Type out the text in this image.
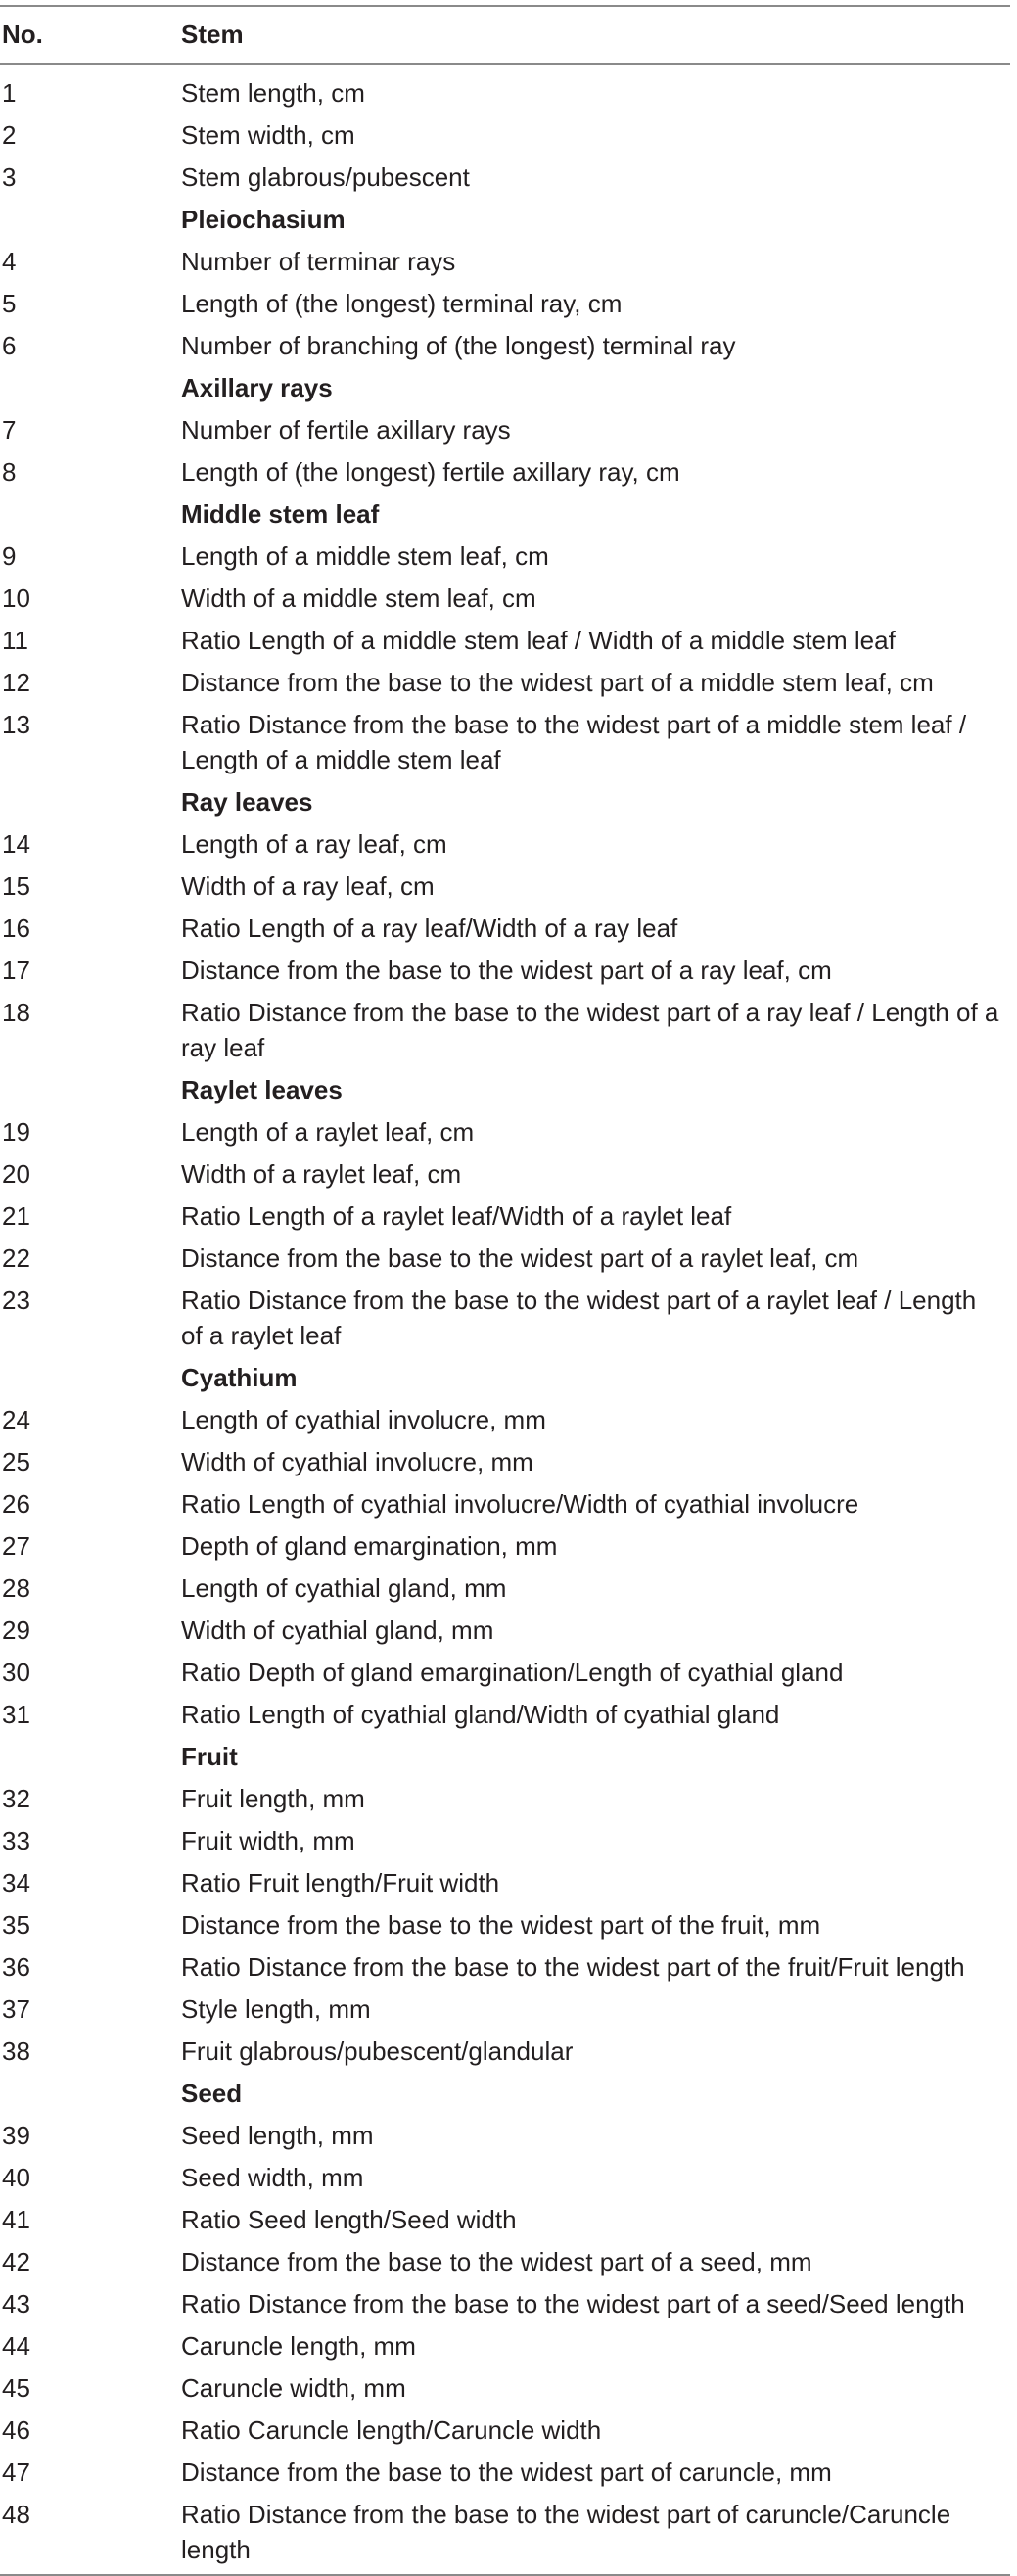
No.	Stem
1	Stem length, cm
2	Stem width, cm
3	Stem glabrous/pubescent
	Pleiochasium
4	Number of terminar rays
5	Length of (the longest) terminal ray, cm
6	Number of branching of (the longest) terminal ray
	Axillary rays
7	Number of fertile axillary rays
8	Length of (the longest) fertile axillary ray, cm
	Middle stem leaf
9	Length of a middle stem leaf, cm
10	Width of a middle stem leaf, cm
11	Ratio Length of a middle stem leaf / Width of a middle stem leaf
12	Distance from the base to the widest part of a middle stem leaf, cm
13	Ratio Distance from the base to the widest part of a middle stem leaf / Length of a middle stem leaf
	Ray leaves
14	Length of a ray leaf, cm
15	Width of a ray leaf, cm
16	Ratio Length of a ray leaf/Width of a ray leaf
17	Distance from the base to the widest part of a ray leaf, cm
18	Ratio Distance from the base to the widest part of a ray leaf / Length of a ray leaf
	Raylet leaves
19	Length of a raylet leaf, cm
20	Width of a raylet leaf, cm
21	Ratio Length of a raylet leaf/Width of a raylet leaf
22	Distance from the base to the widest part of a raylet leaf, cm
23	Ratio Distance from the base to the widest part of a raylet leaf / Length of a raylet leaf
	Cyathium
24	Length of cyathial involucre, mm
25	Width of cyathial involucre, mm
26	Ratio Length of cyathial involucre/Width of cyathial involucre
27	Depth of gland emargination, mm
28	Length of cyathial gland, mm
29	Width of cyathial gland, mm
30	Ratio Depth of gland emargination/Length of cyathial gland
31	Ratio Length of cyathial gland/Width of cyathial gland
	Fruit
32	Fruit length, mm
33	Fruit width, mm
34	Ratio Fruit length/Fruit width
35	Distance from the base to the widest part of the fruit, mm
36	Ratio Distance from the base to the widest part of the fruit/Fruit length
37	Style length, mm
38	Fruit glabrous/pubescent/glandular
	Seed
39	Seed length, mm
40	Seed width, mm
41	Ratio Seed length/Seed width
42	Distance from the base to the widest part of a seed, mm
43	Ratio Distance from the base to the widest part of a seed/Seed length
44	Caruncle length, mm
45	Caruncle width, mm
46	Ratio Caruncle length/Caruncle width
47	Distance from the base to the widest part of caruncle, mm
48	Ratio Distance from the base to the widest part of caruncle/Caruncle length
